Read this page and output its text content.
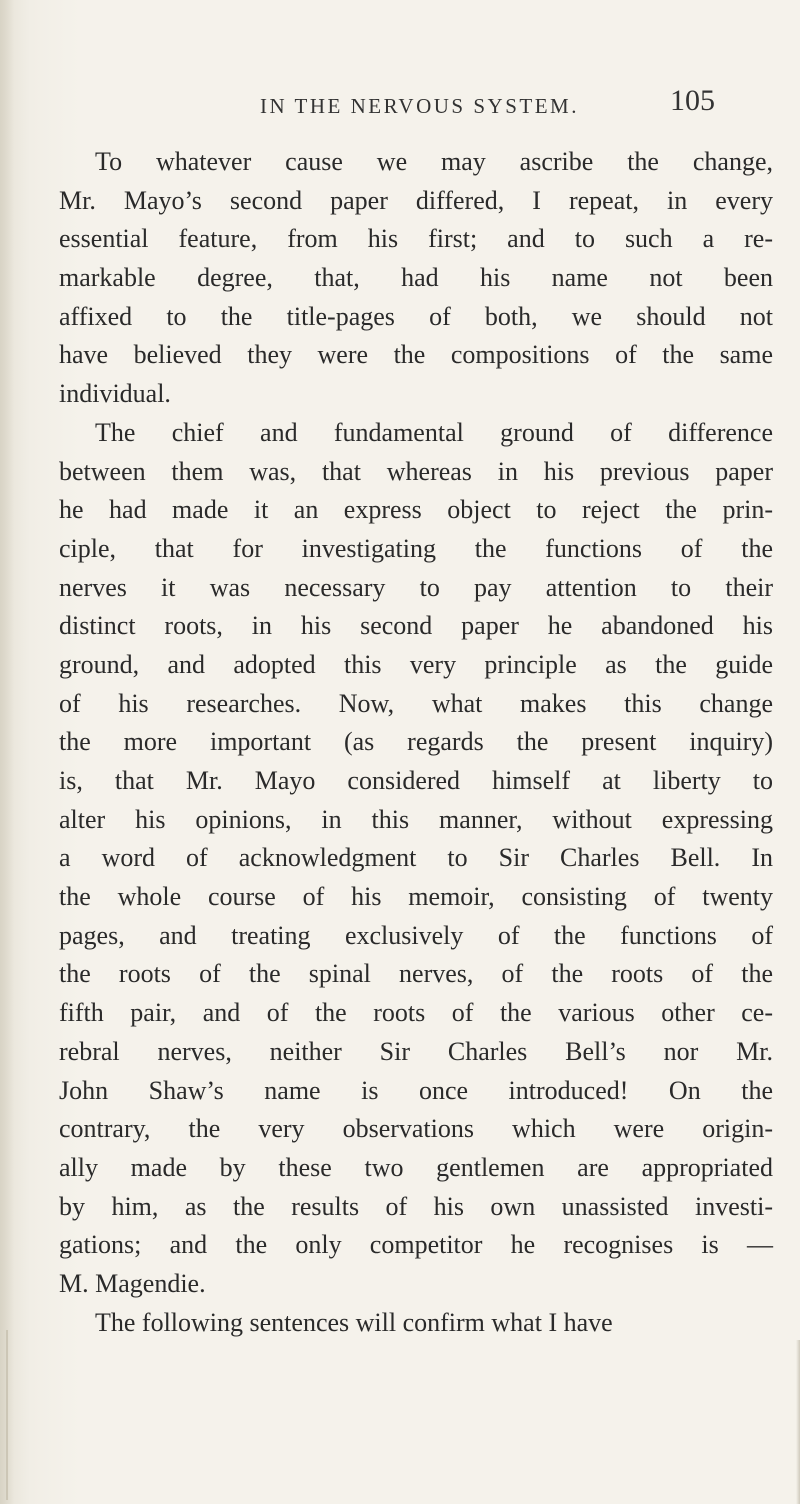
IN THE NERVOUS SYSTEM.	105
To whatever cause we may ascribe the change,
Mr. Mayo’s second paper differed, I repeat, in every
essential feature, from his first; and to such a re-
markable degree, that, had his name not been
affixed to the title-pages of both, we should not
have believed they were the compositions of the same
individual.
The chief and fundamental ground of difference
between them was, that whereas in his previous paper
he had made it an express object to reject the prin-
ciple, that for investigating the functions of the
nerves it was necessary to pay attention to their
distinct roots, in his second paper he abandoned his
ground, and adopted this very principle as the guide
of his researches. Now, what makes this change
the more important (as regards the present inquiry)
is, that Mr. Mayo considered himself at liberty to
alter his opinions, in this manner, without expressing
a word of acknowledgment to Sir Charles Bell. In
the whole course of his memoir, consisting of twenty
pages, and treating exclusively of the functions of
the roots of the spinal nerves, of the roots of the
fifth pair, and of the roots of the various other ce-
rebral nerves, neither Sir Charles Bell’s nor Mr.
John Shaw’s name is once introduced! On the
contrary, the very observations which were origin-
ally made by these two gentlemen are appropriated
by him, as the results of his own unassisted investi-
gations; and the only competitor he recognises is —
M. Magendie.
The following sentences will confirm what I have
